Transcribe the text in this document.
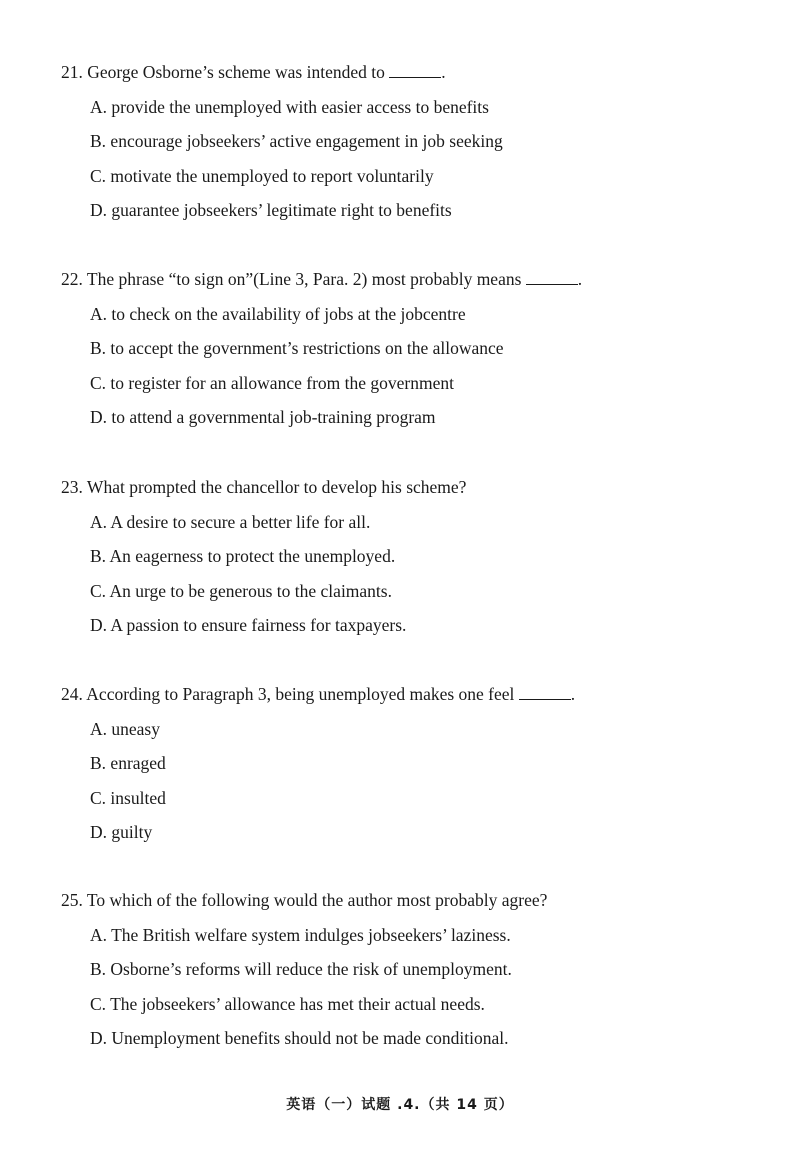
21. George Osborne’s scheme was intended to	.
A. provide the unemployed with easier access to benefits
B. encourage jobseekers’ active engagement in job seeking
C. motivate the unemployed to report voluntarily
D. guarantee jobseekers’ legitimate right to benefits
22. The phrase “to sign on”(Line 3, Para. 2) most probably means	.
A. to check on the availability of jobs at the jobcentre
B. to accept the government’s restrictions on the allowance
C. to register for an allowance from the government
D. to attend a governmental job-training program
23. What prompted the chancellor to develop his scheme?
A. A desire to secure a better life for all.
B. An eagerness to protect the unemployed.
C. An urge to be generous to the claimants.
D. A passion to ensure fairness for taxpayers.
24. According to Paragraph 3, being unemployed makes one feel	.
A. uneasy
B. enraged
C. insulted
D. guilty
25. To which of the following would the author most probably agree?
A. The British welfare system indulges jobseekers’ laziness.
B. Osborne’s reforms will reduce the risk of unemployment.
C. The jobseekers’ allowance has met their actual needs.
D. Unemployment benefits should not be made conditional.
英语（一）试题 .4.（共 14 页）
